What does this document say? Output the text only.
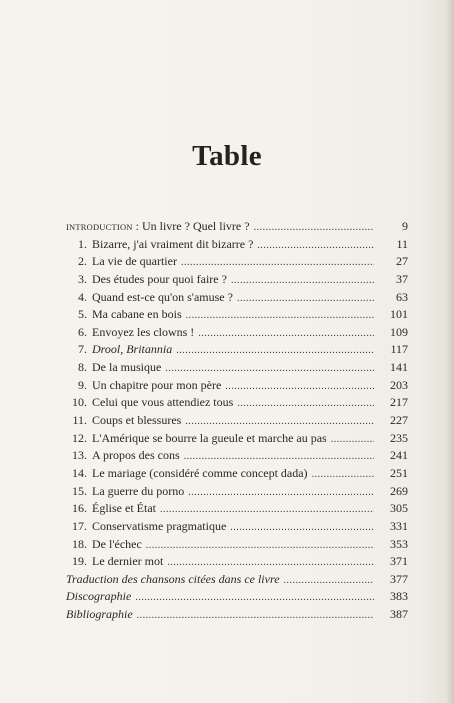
Table
INTRODUCTION : Un livre ? Quel livre ? .....	9
1. Bizarre, j'ai vraiment dit bizarre ? .....	11
2. La vie de quartier .....	27
3. Des études pour quoi faire ? .....	37
4. Quand est-ce qu'on s'amuse ? .....	63
5. Ma cabane en bois .....	101
6. Envoyez les clowns ! .....	109
7. Drool, Britannia .....	117
8. De la musique .....	141
9. Un chapitre pour mon père .....	203
10. Celui que vous attendiez tous .....	217
11. Coups et blessures .....	227
12. L'Amérique se bourre la gueule et marche au pas .....	235
13. A propos des cons .....	241
14. Le mariage (considéré comme concept dada) .....	251
15. La guerre du porno .....	269
16. Église et État .....	305
17. Conservatisme pragmatique .....	331
18. De l'échec .....	353
19. Le dernier mot .....	371
Traduction des chansons citées dans ce livre .....	377
Discographie .....	383
Bibliographie .....	387
